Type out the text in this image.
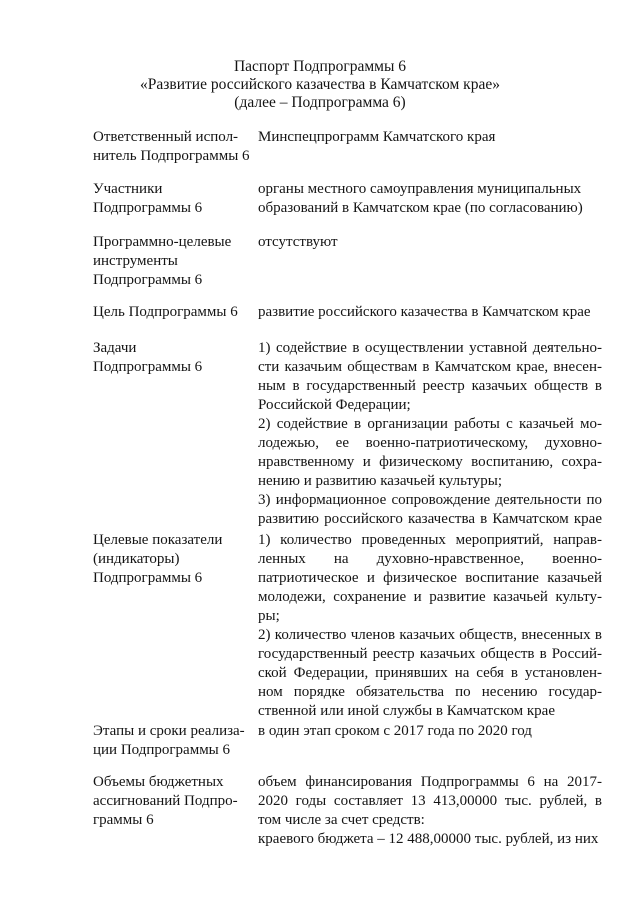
Паспорт Подпрограммы 6
«Развитие российского казачества в Камчатском крае»
(далее – Подпрограмма 6)
Ответственный испол-
нитель Подпрограммы 6
Минспецпрограмм Камчатского края
Участники
Подпрограммы 6
органы местного самоуправления муниципальных
образований в Камчатском крае (по согласованию)
Программно-целевые
инструменты
Подпрограммы 6
отсутствуют
Цель Подпрограммы 6	развитие российского казачества в Камчатском крае
Задачи
Подпрограммы 6
1) содействие в осуществлении уставной деятельно-
сти казачьим обществам в Камчатском крае, внесен-
ным в государственный реестр казачьих обществ в
Российской Федерации;
2) содействие в организации работы с казачьей мо-
лодежью, ее военно-патриотическому, духовно-
нравственному и физическому воспитанию, сохра-
нению и развитию казачьей культуры;
3) информационное сопровождение деятельности по
развитию российского казачества в Камчатском крае
Целевые показатели
(индикаторы)
Подпрограммы 6
1) количество проведенных мероприятий, направ-
ленных на духовно-нравственное, военно-
патриотическое и физическое воспитание казачьей
молодежи, сохранение и развитие казачьей культу-
ры;
2) количество членов казачьих обществ, внесенных в
государственный реестр казачьих обществ в Россий-
ской Федерации, принявших на себя в установлен-
ном порядке обязательства по несению государ-
ственной или иной службы в Камчатском крае
Этапы и сроки реализа-
ции Подпрограммы 6
в один этап сроком с 2017 года по 2020 год
Объемы бюджетных
ассигнований Подпро-
граммы 6
объем финансирования Подпрограммы 6 на 2017-
2020 годы составляет 13 413,00000 тыс. рублей, в
том числе за счет средств:
краевого бюджета – 12 488,00000 тыс. рублей, из них
